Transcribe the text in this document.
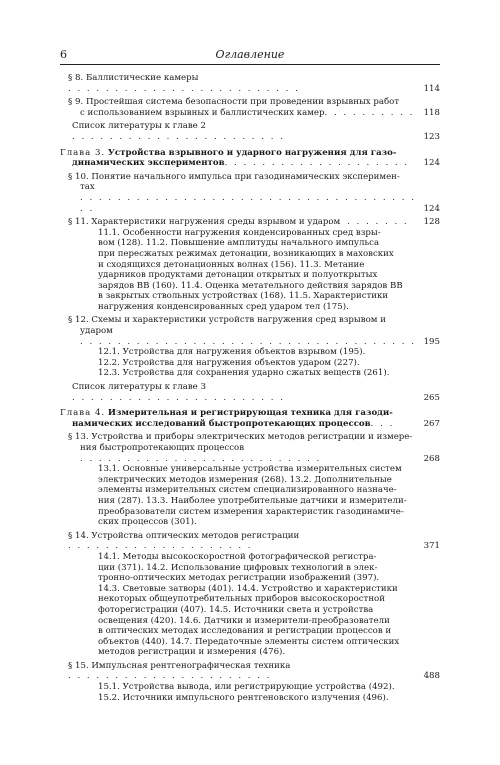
6	Оглавление
§ 8. Баллистические камеры. . . . . . . . . . . . . . . . . . . . . . . . .	114
§ 9. Простейшая система безопасности при проведении взрывных работ
с использованием взрывных и баллистических камер. . . . . . . . . .	118
Список литературы к главе 2. . . . . . . . . . . . . . . . . . . . . . .	123
Глава 3. Устройства взрывного и ударного нагружения для газо-
динамических экспериментов. . . . . . . . . . . . . . . . . . . .	124
§ 10. Понятие начального импульса при газодинамических эксперимен-
тах. . . . . . . . . . . . . . . . . . . . . . . . . . . . . . . . . . . . . .	124
§ 11. Характеристики нагружения среды взрывом и ударом. . . . . . . . .	128
11.1. Особенности нагружения конденсированных сред взры-
вом (128). 11.2. Повышение амплитуды начального импульса
при пересжатых режимах детонации, возникающих в маховских
и сходящихся детонационных волнах (156). 11.3. Метание
ударников продуктами детонации открытых и полуоткрытых
зарядов ВВ (160). 11.4. Оценка метательного действия зарядов ВВ
в закрытых ствольных устройствах (168). 11.5. Характеристики
нагружения конденсированных сред ударом тел (175).
§ 12. Схемы и характеристики устройств нагружения сред взрывом и
ударом. . . . . . . . . . . . . . . . . . . . . . . . . . . . . . . . . . . . 195
12.1. Устройства для нагружения объектов взрывом (195).
12.2. Устройства для нагружения объектов ударом (227).
12.3. Устройства для сохранения ударно сжатых веществ (261).
Список литературы к главе 3. . . . . . . . . . . . . . . . . . . . . . .	265
Глава 4. Измерительная и регистрирующая техника для газоди-
намических исследований быстропротекающих процессов. . .	267
§ 13. Устройства и приборы электрических методов регистрации и измере-
ния быстропротекающих процессов. . . . . . . . . . . . . . . . . . . . . . . . . .	268
13.1. Основные универсальные устройства измерительных систем
электрических методов измерения (268). 13.2. Дополнительные
элементы измерительных систем специализированного назначе-
ния (287). 13.3. Наиболее употребительные датчики и измерители-
преобразователи систем измерения характеристик газодинамиче-
ских процессов (301).
§ 14. Устройства оптических методов регистрации. . . . . . . . . . . . . . . . . . . .	371
14.1. Методы высокоскоростной фотографической регистра-
ции (371). 14.2. Использование цифровых технологий в элек-
тронно-оптических методах регистрации изображений (397).
14.3. Световые затворы (401). 14.4. Устройство и характеристики
некоторых общеупотребительных приборов высокоскоростной
фоторегистрации (407). 14.5. Источники света и устройства
освещения (420). 14.6. Датчики и измерители-преобразователи
в оптических методах исследования и регистрации процессов и
объектов (440). 14.7. Передаточные элементы систем оптических
методов регистрации и измерения (476).
§ 15. Импульсная рентгенографическая техника. . . . . . . . . . . . . . . . . . . . . .	488
15.1. Устройства вывода, или регистрирующие устройства (492).
15.2. Источники импульсного рентгеновского излучения (496).
